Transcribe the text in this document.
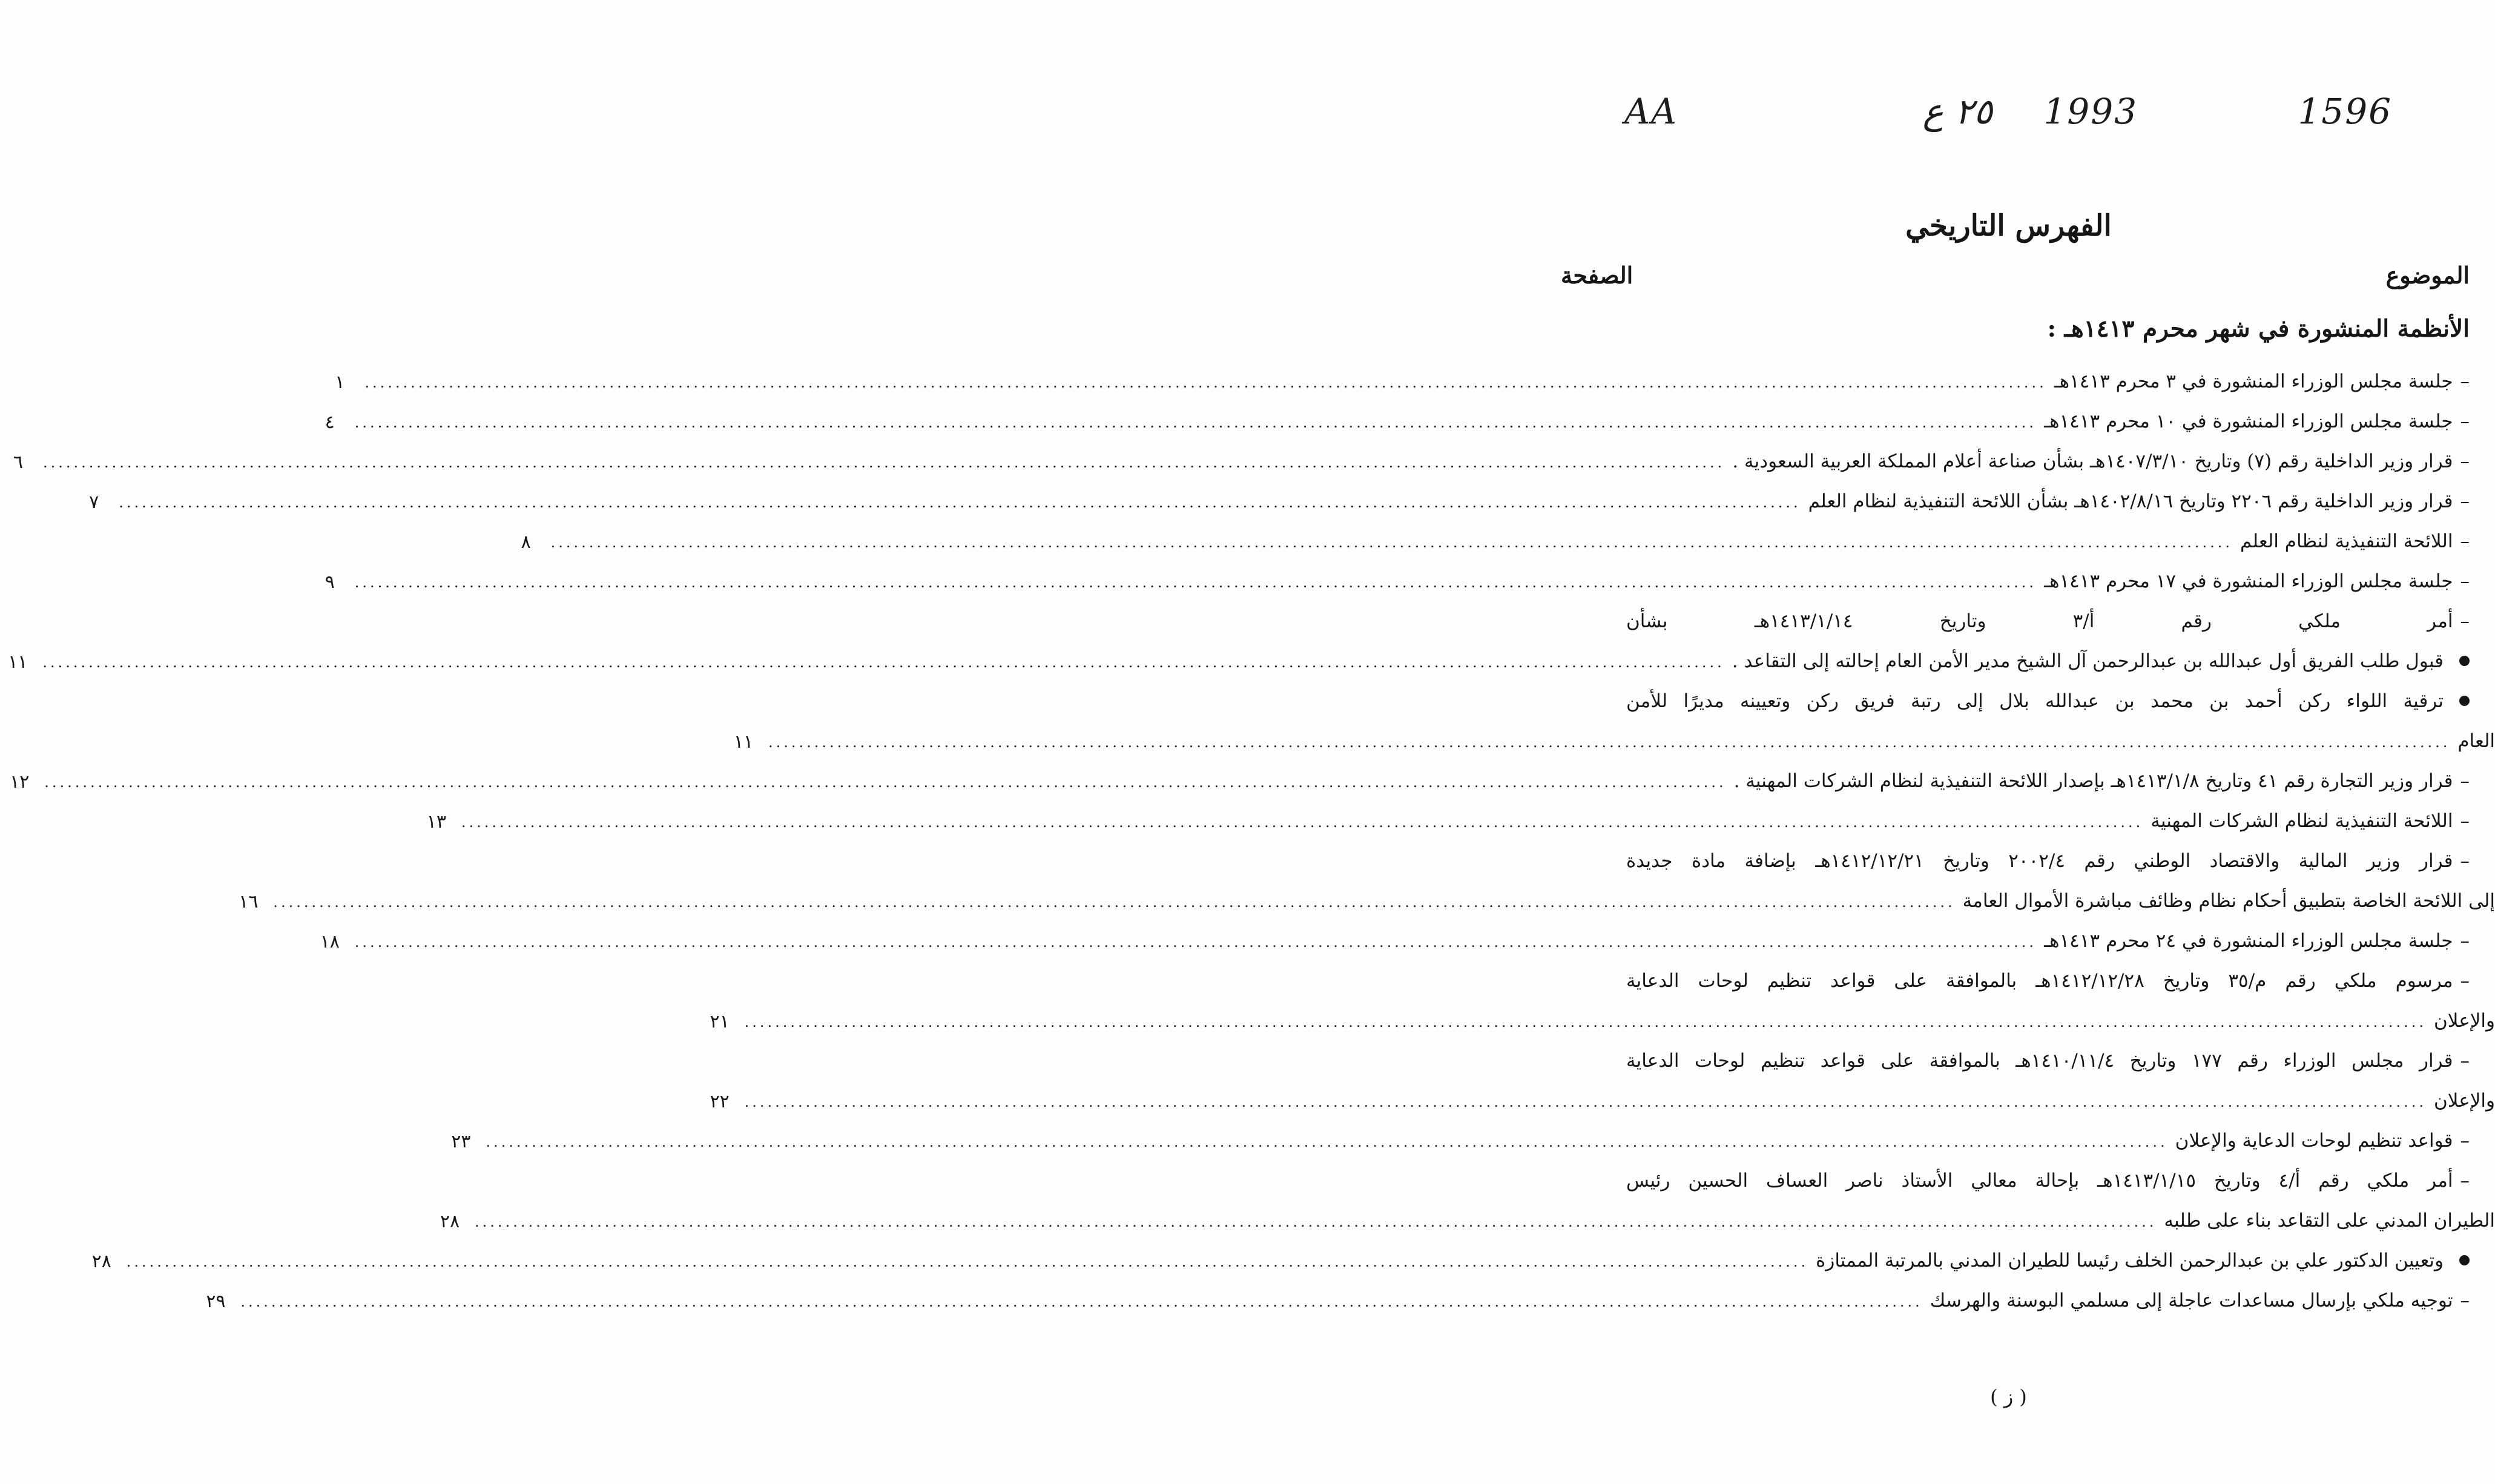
AA	٢٥ ع 1993	1596
الفهرس التاريخي
الموضوع
الصفحة
الأنظمة المنشورة في شهر محرم ١٤١٣هـ :
–
جلسة مجلس الوزراء المنشورة في ٣ محرم ١٤١٣هـ
............................................................................................................................................................................................................................
١
–
جلسة مجلس الوزراء المنشورة في ١٠ محرم ١٤١٣هـ
............................................................................................................................................................................................................................
٤
–
قرار وزير الداخلية رقم (٧) وتاريخ ١٤٠٧/٣/١٠هـ بشأن صناعة أعلام المملكة العربية السعودية .
............................................................................................................................................................................................................................
٦
–
قرار وزير الداخلية رقم ٢٢٠٦ وتاريخ ١٤٠٢/٨/١٦هـ بشأن اللائحة التنفيذية لنظام العلم
............................................................................................................................................................................................................................
٧
–
اللائحة التنفيذية لنظام العلم
............................................................................................................................................................................................................................
٨
–
جلسة مجلس الوزراء المنشورة في ١٧ محرم ١٤١٣هـ
............................................................................................................................................................................................................................
٩
–
أمر ملكي رقم أ/٣ وتاريخ ١٤١٣/١/١٤هـ بشأن
قبول طلب الفريق أول عبدالله بن عبدالرحمن آل الشيخ مدير الأمن العام إحالته إلى التقاعد .
............................................................................................................................................................................................................................
١١
ترقية اللواء ركن أحمد بن محمد بن عبدالله بلال إلى رتبة فريق ركن وتعيينه مديرًا للأمن
العام
............................................................................................................................................................................................................................
١١
–
قرار وزير التجارة رقم ٤١ وتاريخ ١٤١٣/١/٨هـ بإصدار اللائحة التنفيذية لنظام الشركات المهنية .
............................................................................................................................................................................................................................
١٢
–
اللائحة التنفيذية لنظام الشركات المهنية
............................................................................................................................................................................................................................
١٣
–
قرار وزير المالية والاقتصاد الوطني رقم ٢٠٠٢/٤ وتاريخ ١٤١٢/١٢/٢١هـ بإضافة مادة جديدة
إلى اللائحة الخاصة بتطبيق أحكام نظام وظائف مباشرة الأموال العامة
............................................................................................................................................................................................................................
١٦
–
جلسة مجلس الوزراء المنشورة في ٢٤ محرم ١٤١٣هـ
............................................................................................................................................................................................................................
١٨
–
مرسوم ملكي رقم م/٣٥ وتاريخ ١٤١٢/١٢/٢٨هـ بالموافقة على قواعد تنظيم لوحات الدعاية
والإعلان
............................................................................................................................................................................................................................
٢١
–
قرار مجلس الوزراء رقم ١٧٧ وتاريخ ١٤١٠/١١/٤هـ بالموافقة على قواعد تنظيم لوحات الدعاية
والإعلان
............................................................................................................................................................................................................................
٢٢
–
قواعد تنظيم لوحات الدعاية والإعلان
............................................................................................................................................................................................................................
٢٣
–
أمر ملكي رقم أ/٤ وتاريخ ١٤١٣/١/١٥هـ بإحالة معالي الأستاذ ناصر العساف الحسين رئيس
الطيران المدني على التقاعد بناء على طلبه
............................................................................................................................................................................................................................
٢٨
وتعيين الدكتور علي بن عبدالرحمن الخلف رئيسا للطيران المدني بالمرتبة الممتازة
............................................................................................................................................................................................................................
٢٨
–
توجيه ملكي بإرسال مساعدات عاجلة إلى مسلمي البوسنة والهرسك
............................................................................................................................................................................................................................
٢٩
( ز )
